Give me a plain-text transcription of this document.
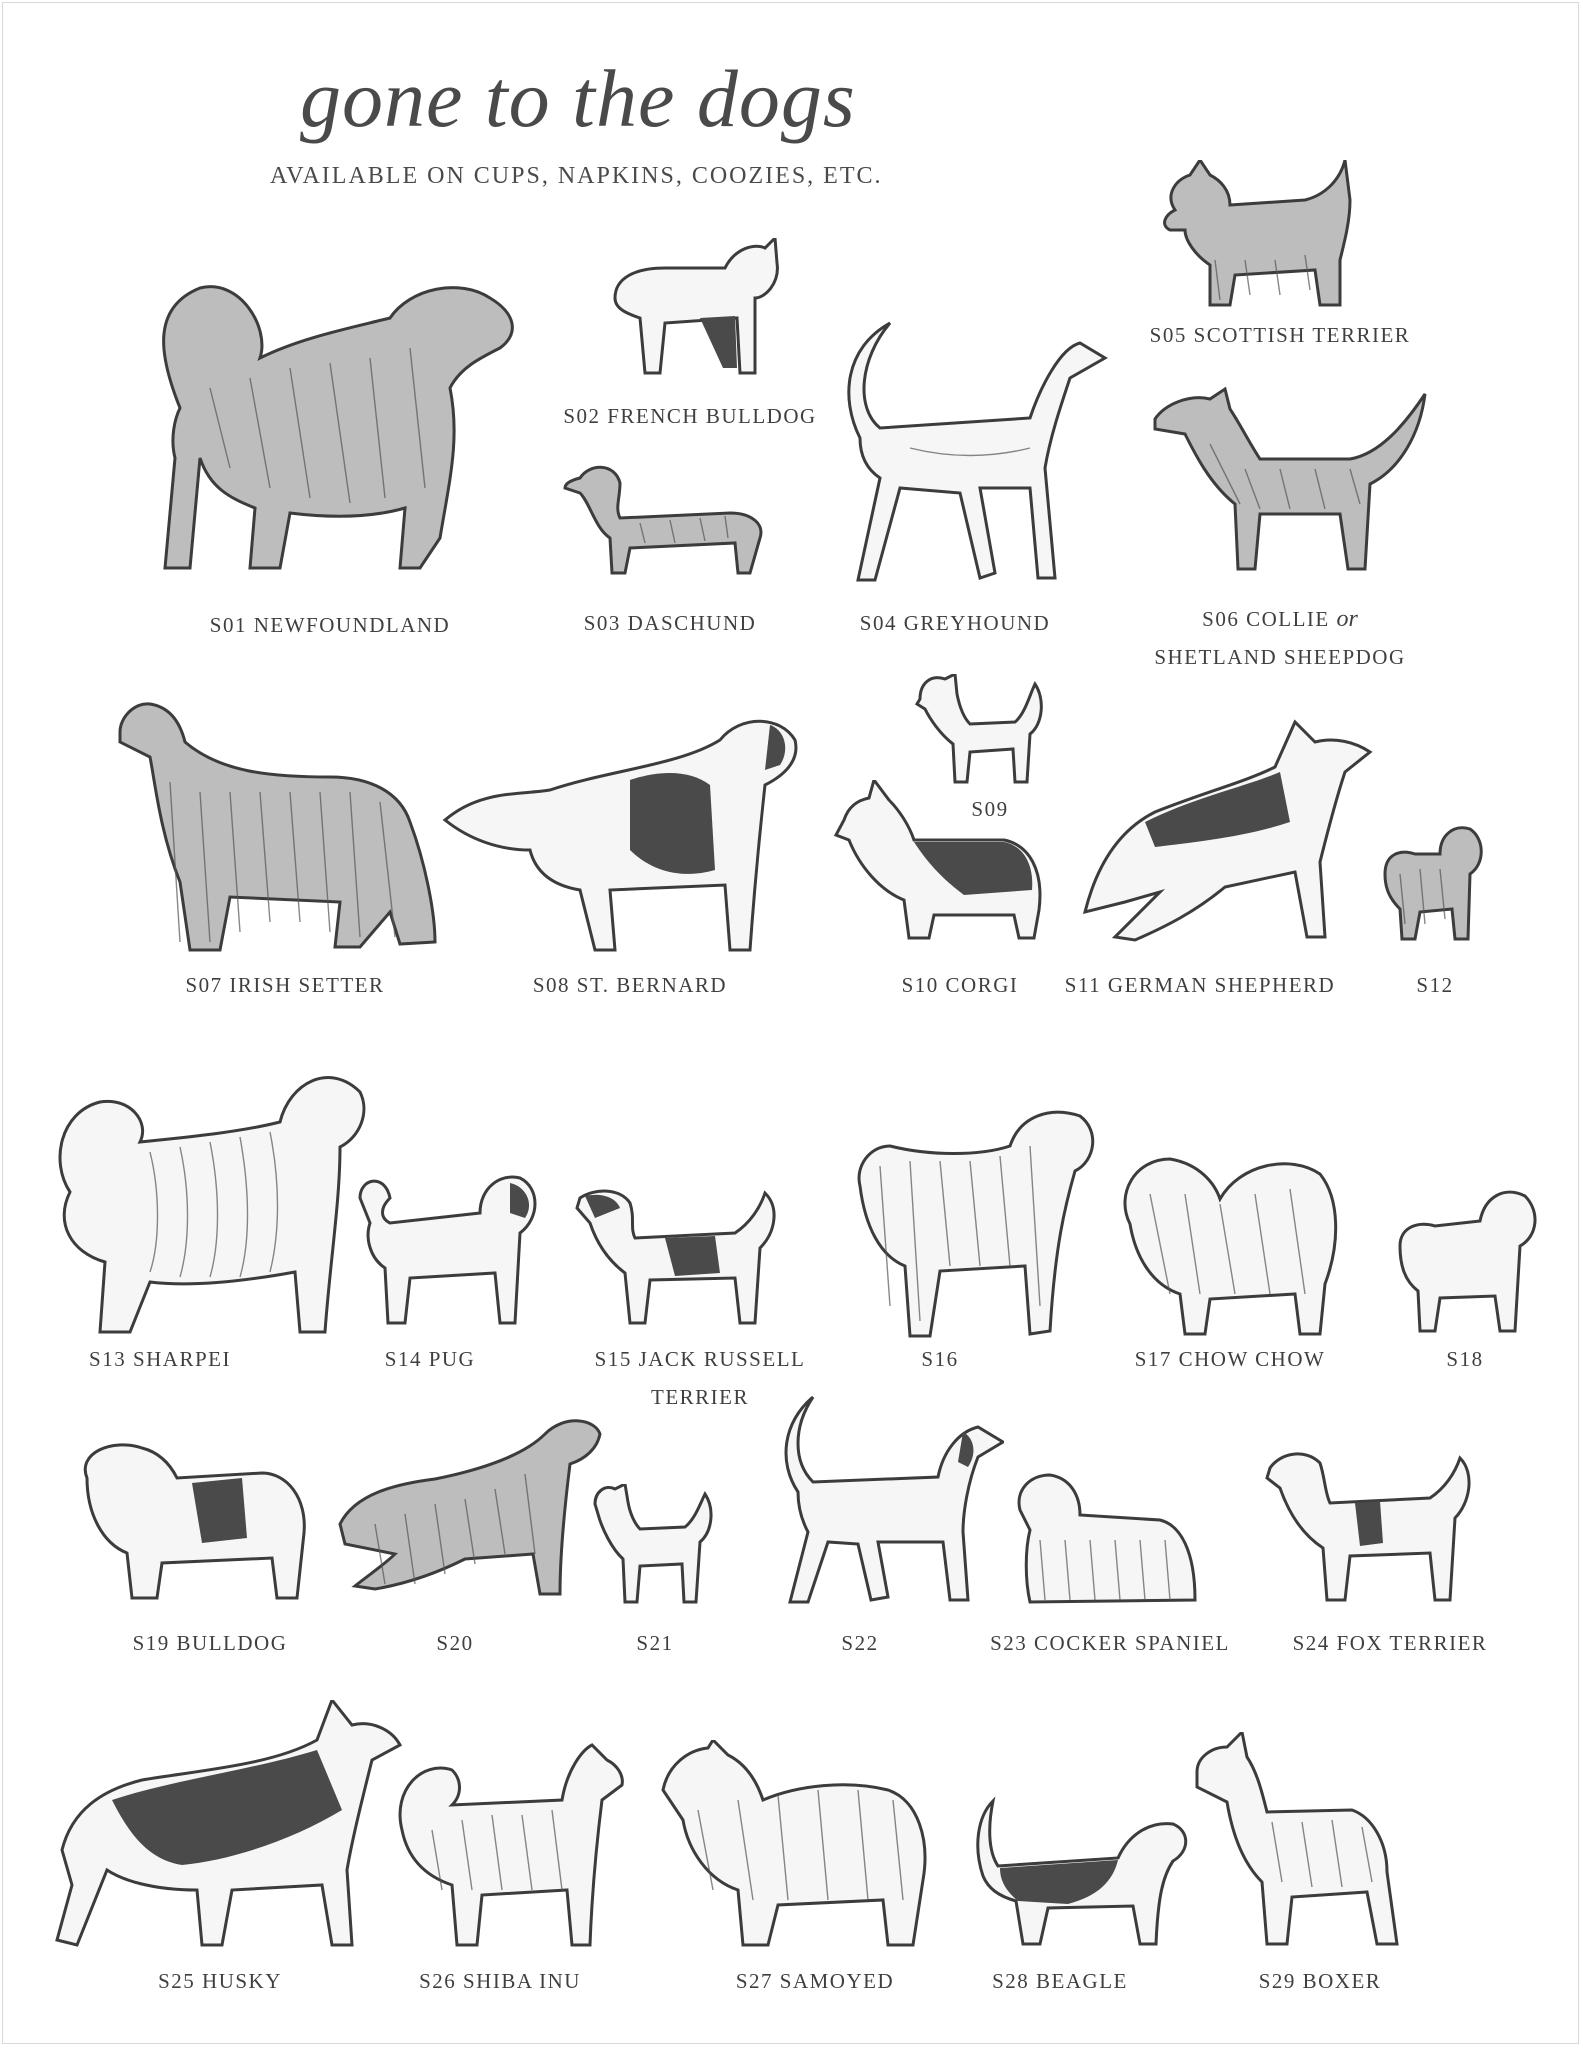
gone to the dogs
AVAILABLE ON CUPS, NAPKINS, COOZIES, ETC.
S01 NEWFOUNDLAND
S02 FRENCH BULLDOG
S03 DASCHUND	S04 GREYHOUND
S05 SCOTTISH TERRIER
S06 COLLIE or
SHETLAND SHEEPDOG
S07 IRISH SETTER	S08 ST. BERNARD
S09
S10 CORGI	S11 GERMAN SHEPHERD	S12
S13 SHARPEI	S14 PUG	S15 JACK RUSSELL
TERRIER
S16	S17 CHOW CHOW	S18
S19 BULLDOG	S20	S21	S22	S23 COCKER SPANIEL	S24 FOX TERRIER
S25 HUSKY	S26 SHIBA INU	S27 SAMOYED	S28 BEAGLE	S29 BOXER
